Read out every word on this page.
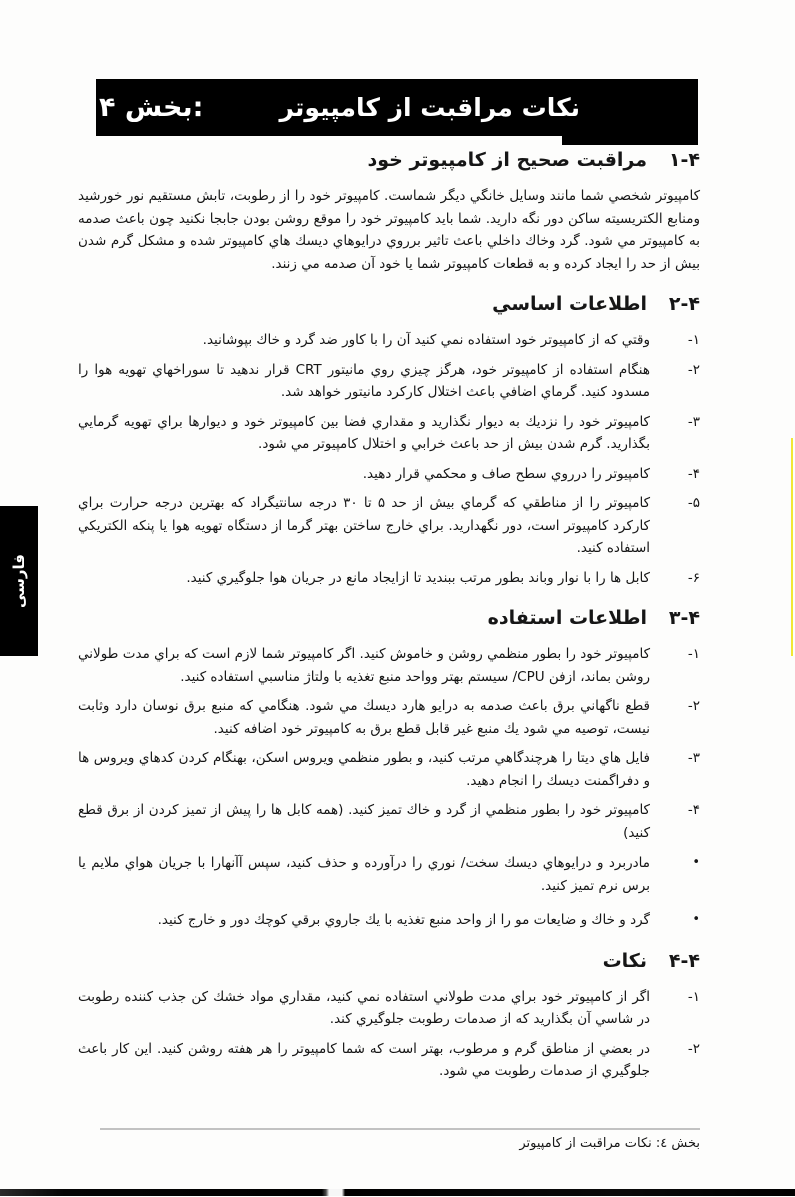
بخش ۴:	نكات مراقبت از كامپيوتر
۱-۴
مراقبت صحيح از كامپيوتر خود

كامپيوتر شخصي شما مانند وسايل خانگي ديگر شماست. كامپيوتر خود را از رطوبت، تابش مستقيم نور خورشيد ومنابع الكتريسيته ساكن دور نگه داريد. شما بايد كامپيوتر خود را موقع روشن بودن جابجا نكنيد چون باعث صدمه به كامپيوتر مي شود. گرد وخاك داخلي باعث تاثير برروي درايوهاي ديسك هاي كامپيوتر شده و مشكل گرم شدن بيش از حد را ايجاد كرده و به قطعات كامپيوتر شما يا خود آن صدمه مي زنند.

۲-۴
اطلاعات اساسي
-۱
وقتي كه از كامپيوتر خود استفاده نمي كنيد آن را با كاور ضد گرد و خاك بپوشانيد.
-۲
هنگام استفاده از كامپيوتر خود، هرگز چيزي روي مانيتور CRT قرار ندهيد تا سوراخهاي تهويه هوا را مسدود كنيد. گرماي اضافي باعث اختلال كاركرد مانيتور خواهد شد.
-۳
كامپيوتر خود را نزديك به ديوار نگذاريد و مقداري فضا بين كامپيوتر خود و ديوارها براي تهويه گرمايي بگذاريد. گرم شدن بيش از حد باعث خرابي و اختلال كامپيوتر مي شود.
-۴
كامپيوتر را درروي سطح صاف و محكمي قرار دهيد.
-۵
كامپيوتر را از مناطقي كه گرماي بيش از حد ۵ تا ۳۰ درجه سانتيگراد كه بهترين درجه حرارت براي كاركرد كامپيوتر است، دور نگهداريد. براي خارج ساختن بهتر گرما از دستگاه تهويه هوا يا پنكه الكتريكي استفاده كنيد.
-۶
كابل ها را با نوار وباند بطور مرتب ببنديد تا ازايجاد مانع در جريان هوا جلوگيري كنيد.
۳-۴
اطلاعات استفاده
-۱
كامپيوتر خود را بطور منظمي روشن و خاموش كنيد. اگر كامپيوتر شما لازم است كه براي مدت طولاني روشن بماند، ازفن CPU/ سيستم بهتر وواحد منبع تغذيه با ولتاژ مناسبي استفاده كنيد.
-۲
قطع ناگهاني برق باعث صدمه به درايو هارد ديسك مي شود. هنگامي كه منبع برق نوسان دارد وثابت نيست، توصيه مي شود يك منبع غير قابل قطع برق به كامپيوتر خود اضافه كنيد.
-۳
فايل هاي ديتا را هرچندگاهي مرتب كنيد، و بطور منظمي ويروس اسكن، بهنگام كردن كدهاي ويروس ها و دفراگمنت ديسك را انجام دهيد.
-۴
كامپيوتر خود را بطور منظمي از گرد و خاك تميز كنيد. (همه كابل ها را پيش از تميز كردن از برق قطع كنيد)
•
مادربرد و درايوهاي ديسك سخت/ نوري را درآورده و حذف كنيد، سپس آآنهارا با جريان هواي ملايم يا برس نرم تميز كنيد.
•
گرد و خاك و ضايعات مو را از واحد منبع تغذيه با يك جاروي برقي كوچك دور و خارج كنيد.
۴-۴
نكات
-۱
اگر از كامپيوتر خود براي مدت طولاني استفاده نمي كنيد، مقداري مواد خشك كن جذب كننده رطوبت در شاسي آن بگذاريد كه از صدمات رطوبت جلوگيري كند.
-۲
در بعضي از مناطق گرم و مرطوب، بهتر است كه شما كامپيوتر را هر هفته روشن كنيد. اين كار باعث جلوگيري از صدمات رطوبت مي شود.
فارسی
بخش ٤: نكات مراقبت از كامپيوتر
